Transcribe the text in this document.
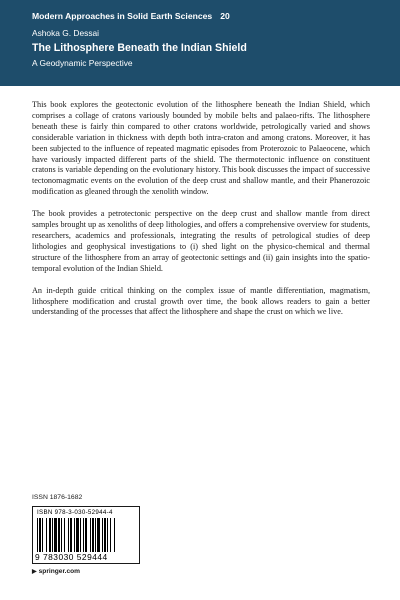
Modern Approaches in Solid Earth Sciences 20
Ashoka G. Dessai
The Lithosphere Beneath the Indian Shield
A Geodynamic Perspective

This book explores the geotectonic evolution of the lithosphere beneath the Indian Shield, which comprises a collage of cratons variously bounded by mobile belts and palaeo-rifts. The lithosphere beneath these is fairly thin compared to other cratons worldwide, petrologically varied and shows considerable variation in thickness with depth both intra-craton and among cratons. Moreover, it has been subjected to the influence of repeated magmatic episodes from Proterozoic to Palaeocene, which have variously impacted different parts of the shield. The thermotectonic influence on constituent cratons is variable depending on the evolutionary history. This book discusses the impact of successive tectonomagmatic events on the evolution of the deep crust and shallow mantle, and their Phanerozoic modification as gleaned through the xenolith window.

The book provides a petrotectonic perspective on the deep crust and shallow mantle from direct samples brought up as xenoliths of deep lithologies, and offers a comprehensive overview for students, researchers, academics and professionals, integrating the results of petrological studies of deep lithologies and geophysical investigations to (i) shed light on the physico-chemical and thermal structure of the lithosphere from an array of geotectonic settings and (ii) gain insights into the spatio-temporal evolution of the Indian Shield.

An in-depth guide critical thinking on the complex issue of mantle differentiation, magmatism, lithosphere modification and crustal growth over time, the book allows readers to gain a better understanding of the processes that affect the lithosphere and shape the crust on which we live.

ISSN 1876-1682
ISBN 978-3-030-52944-4
9 783030 529444
▶ springer.com
